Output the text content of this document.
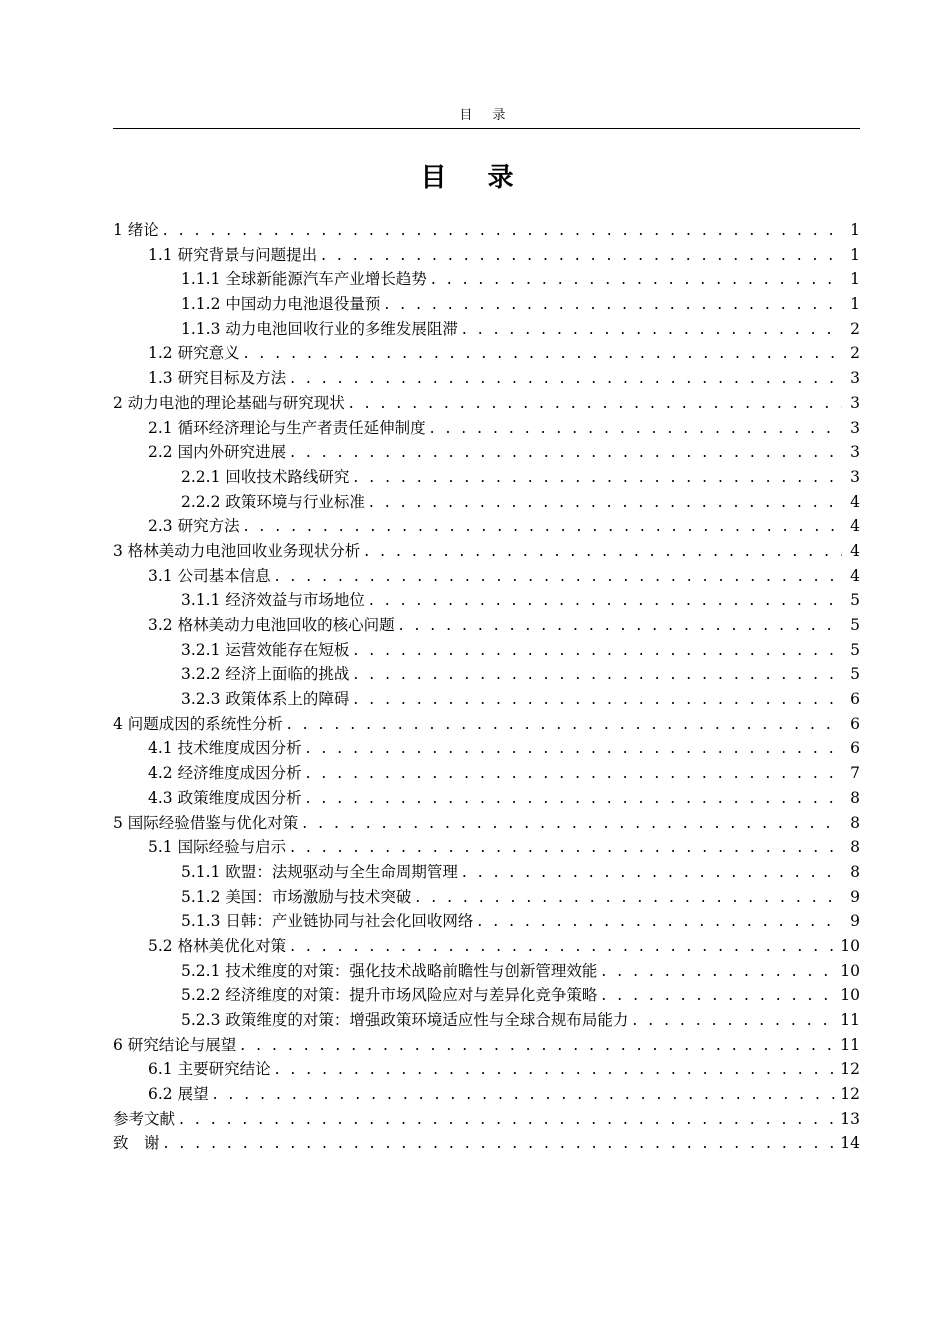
目 录
目 录
1 绪论 . . .	1
1.1 研究背景与问题提出 . . .	1
1.1.1 全球新能源汽车产业增长趋势 . . .	1
1.1.2 中国动力电池退役量预 . . .	1
1.1.3 动力电池回收行业的多维发展阻滞 . . .	2
1.2 研究意义 . . .	2
1.3 研究目标及方法 . . .	3
2 动力电池的理论基础与研究现状 . . .	3
2.1 循环经济理论与生产者责任延伸制度 . . .	3
2.2 国内外研究进展 . . .	3
2.2.1 回收技术路线研究 . . .	3
2.2.2 政策环境与行业标准 . . .	4
2.3 研究方法 . . .	4
3 格林美动力电池回收业务现状分析 . . .	4
3.1 公司基本信息 . . .	4
3.1.1 经济效益与市场地位 . . .	5
3.2 格林美动力电池回收的核心问题 . . .	5
3.2.1 运营效能存在短板 . . .	5
3.2.2 经济上面临的挑战 . . .	5
3.2.3 政策体系上的障碍 . . .	6
4 问题成因的系统性分析 . . .	6
4.1 技术维度成因分析 . . .	6
4.2 经济维度成因分析 . . .	7
4.3 政策维度成因分析 . . .	8
5 国际经验借鉴与优化对策 . . .	8
5.1 国际经验与启示 . . .	8
5.1.1 欧盟：法规驱动与全生命周期管理 . . .	8
5.1.2 美国：市场激励与技术突破 . . .	9
5.1.3 日韩：产业链协同与社会化回收网络 . . .	9
5.2 格林美优化对策 . . .	10
5.2.1 技术维度的对策：强化技术战略前瞻性与创新管理效能 . . .	10
5.2.2 经济维度的对策：提升市场风险应对与差异化竞争策略 . . .	10
5.2.3 政策维度的对策：增强政策环境适应性与全球合规布局能力 . . .	11
6 研究结论与展望 . . .	11
6.1 主要研究结论 . . .	12
6.2 展望 . . .	12
参考文献 . . .	13
致　谢 . . .	14
